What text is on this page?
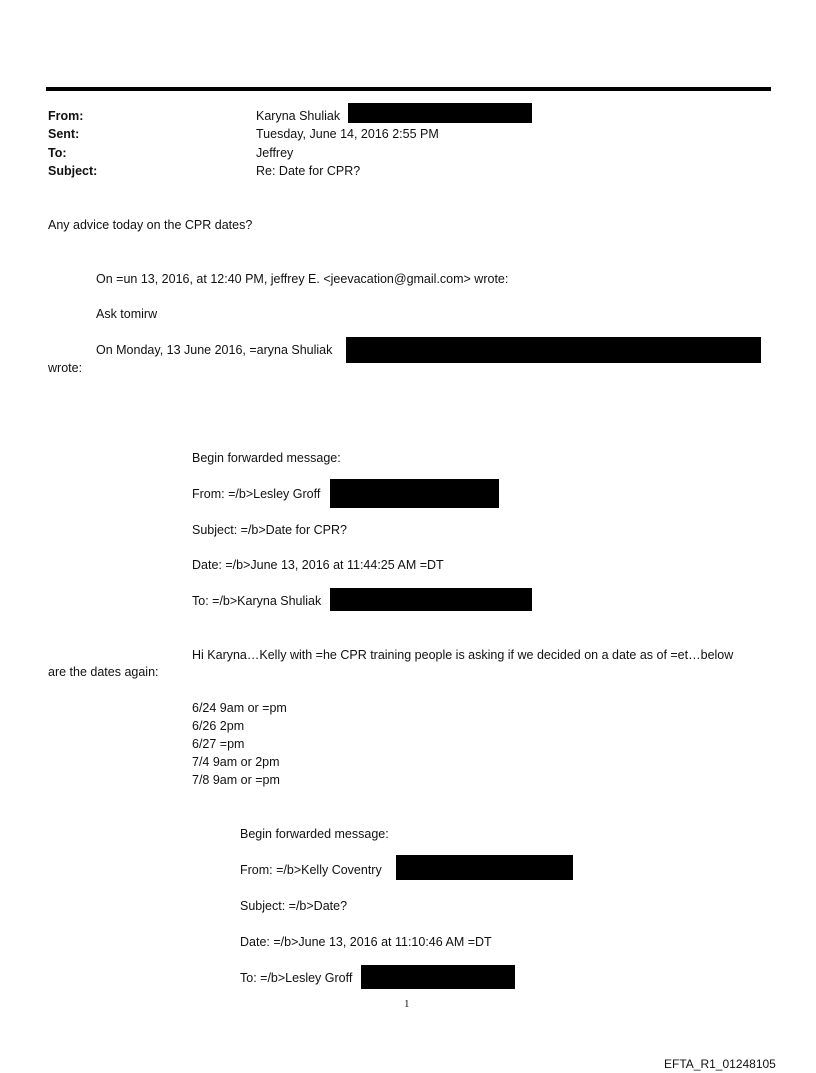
From:	Karyna Shuliak
Sent:	Tuesday, June 14, 2016 2:55 PM
To:	Jeffrey
Subject:	Re: Date for CPR?
Any advice today on the CPR dates?
On =un 13, 2016, at 12:40 PM, jeffrey E. <jeevacation@gmail.com> wrote:
Ask tomirw
On Monday, 13 June 2016, =aryna Shuliak
wrote:
Begin forwarded message:
From: =/b>Lesley Groff
Subject: =/b>Date for CPR?
Date: =/b>June 13, 2016 at 11:44:25 AM =DT
To: =/b>Karyna Shuliak
Hi Karyna…Kelly with =he CPR training people is asking if we decided on a date as of =et…below
are the dates again:
6/24 9am or =pm
6/26 2pm
6/27 =pm
7/4 9am or 2pm
7/8 9am or =pm
Begin forwarded message:
From: =/b>Kelly Coventry
Subject: =/b>Date?
Date: =/b>June 13, 2016 at 11:10:46 AM =DT
To: =/b>Lesley Groff
1
EFTA_R1_01248105
